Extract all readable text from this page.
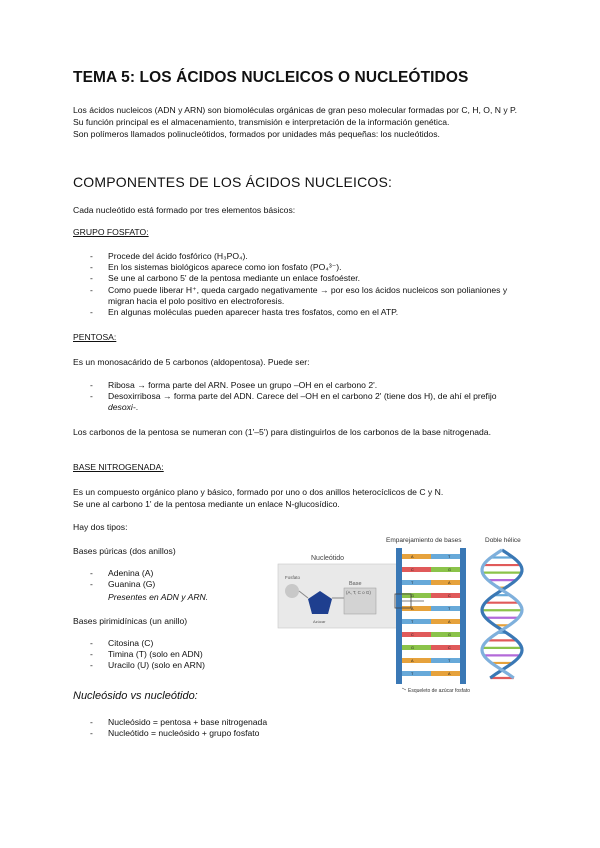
TEMA 5: LOS ÁCIDOS NUCLEICOS O NUCLEÓTIDOS

Los ácidos nucleicos (ADN y ARN) son biomoléculas orgánicas de gran peso molecular formadas por C, H, O, N y P.

Su función principal es el almacenamiento, transmisión e interpretación de la información genética.

Son polímeros llamados polinucleótidos, formados por unidades más pequeñas: los nucleótidos.

COMPONENTES DE LOS ÁCIDOS NUCLEICOS:
Cada nucleótido está formado por tres elementos básicos:
GRUPO FOSFATO:
- Procede del ácido fosfórico (H₃PO₄).
- En los sistemas biológicos aparece como ion fosfato (PO₄³⁻).
- Se une al carbono 5' de la pentosa mediante un enlace fosfoéster.
- Como puede liberar H⁺, queda cargado negativamente → por eso los ácidos nucleicos son polianiones y migran hacia el polo positivo en electroforesis.
- En algunas moléculas pueden aparecer hasta tres fosfatos, como en el ATP.
PENTOSA:
Es un monosacárido de 5 carbonos (aldopentosa). Puede ser:
- Ribosa → forma parte del ARN. Posee un grupo –OH en el carbono 2'.
- Desoxirribosa → forma parte del ADN. Carece del –OH en el carbono 2' (tiene dos H), de ahí el prefijo desoxi-.
Los carbonos de la pentosa se numeran con (1'–5') para distinguirlos de los carbonos de la base nitrogenada.
BASE NITROGENADA:

Es un compuesto orgánico plano y básico, formado por uno o dos anillos heterocíclicos de C y N.

Se une al carbono 1' de la pentosa mediante un enlace N-glucosídico.

Hay dos tipos:
Bases púricas (dos anillos)
- Adenina (A)
- Guanina (G)
Presentes en ADN y ARN.
Bases pirimidínicas (un anillo)
- Citosina (C)
- Timina (T) (solo en ADN)
- Uracilo (U) (solo en ARN)
Nucleósido vs nucleótido:
- Nucleósido = pentosa + base nitrogenada
- Nucleótido = nucleósido + grupo fosfato
Nucleótido
Fosfato
Azúcar
Base
(A, T, C o G)
Emparejamiento de bases
A	T
C	G
T	A
G	C
A	T
T	A
C	G
G	C
A	T
T	A
Esqueleto de azúcar fosfato
Doble hélice
